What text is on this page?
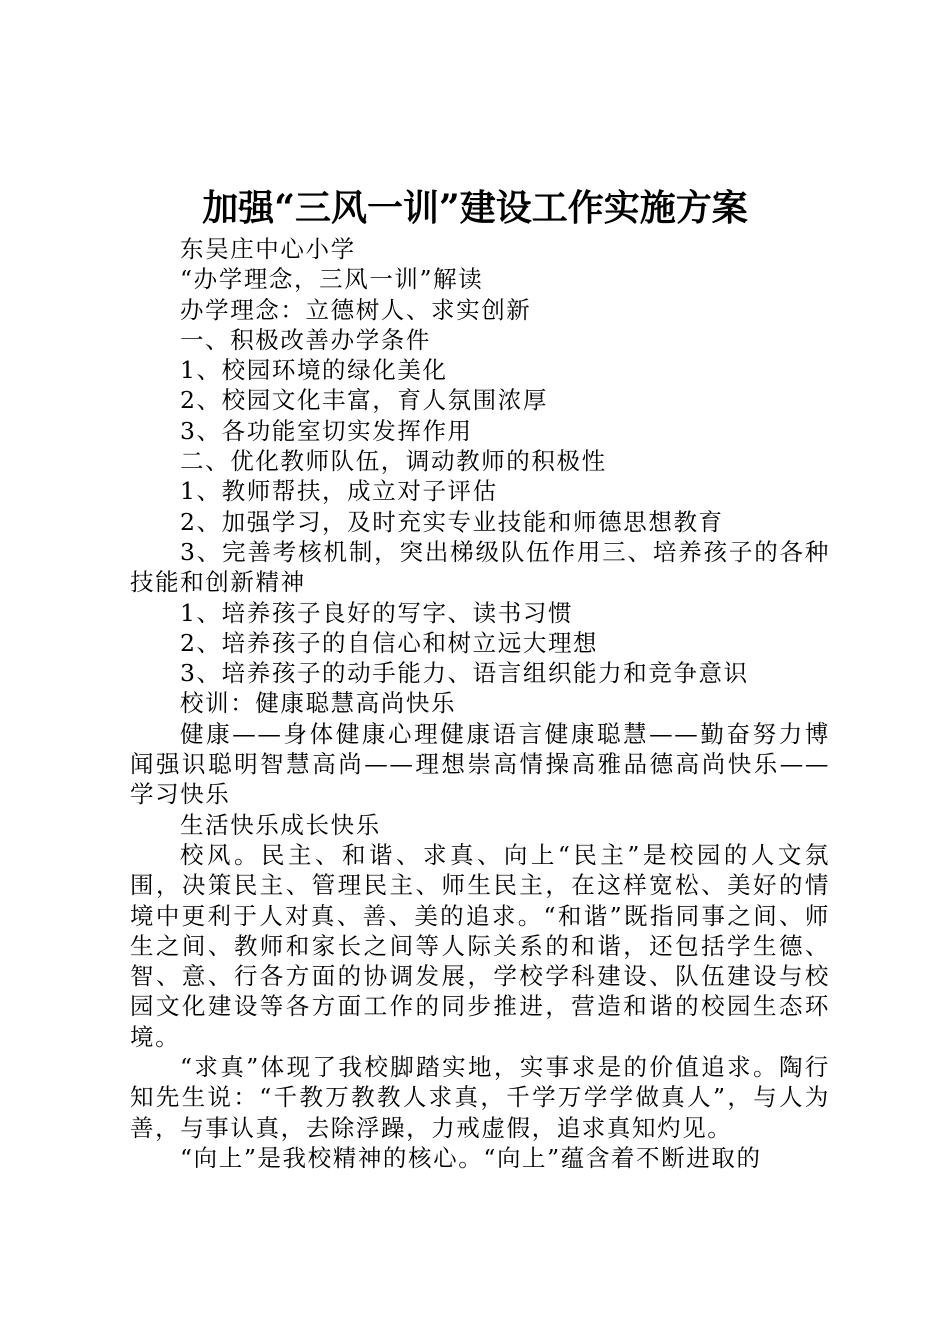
加强“三风一训”建设工作实施方案

东吴庄中心小学

“办学理念，三风一训”解读

办学理念：立德树人、求实创新

一、积极改善办学条件

1、校园环境的绿化美化

2、校园文化丰富，育人氛围浓厚

3、各功能室切实发挥作用

二、优化教师队伍，调动教师的积极性

1、教师帮扶，成立对子评估

2、加强学习，及时充实专业技能和师德思想教育

3、完善考核机制，突出梯级队伍作用三、培养孩子的各种技能和创新精神

1、培养孩子良好的写字、读书习惯

2、培养孩子的自信心和树立远大理想

3、培养孩子的动手能力、语言组织能力和竞争意识

校训：健康聪慧高尚快乐

健康——身体健康心理健康语言健康聪慧——勤奋努力博闻强识聪明智慧高尚——理想崇高情操高雅品德高尚快乐——学习快乐

生活快乐成长快乐

校风。民主、和谐、求真、向上“民主”是校园的人文氛围，决策民主、管理民主、师生民主，在这样宽松、美好的情境中更利于人对真、善、美的追求。“和谐”既指同事之间、师生之间、教师和家长之间等人际关系的和谐，还包括学生德、智、意、行各方面的协调发展，学校学科建设、队伍建设与校园文化建设等各方面工作的同步推进，营造和谐的校园生态环境。

“求真”体现了我校脚踏实地，实事求是的价值追求。陶行知先生说：“千教万教教人求真，千学万学学做真人”，与人为善，与事认真，去除浮躁，力戒虚假，追求真知灼见。

“向上”是我校精神的核心。“向上”蕴含着不断进取的
